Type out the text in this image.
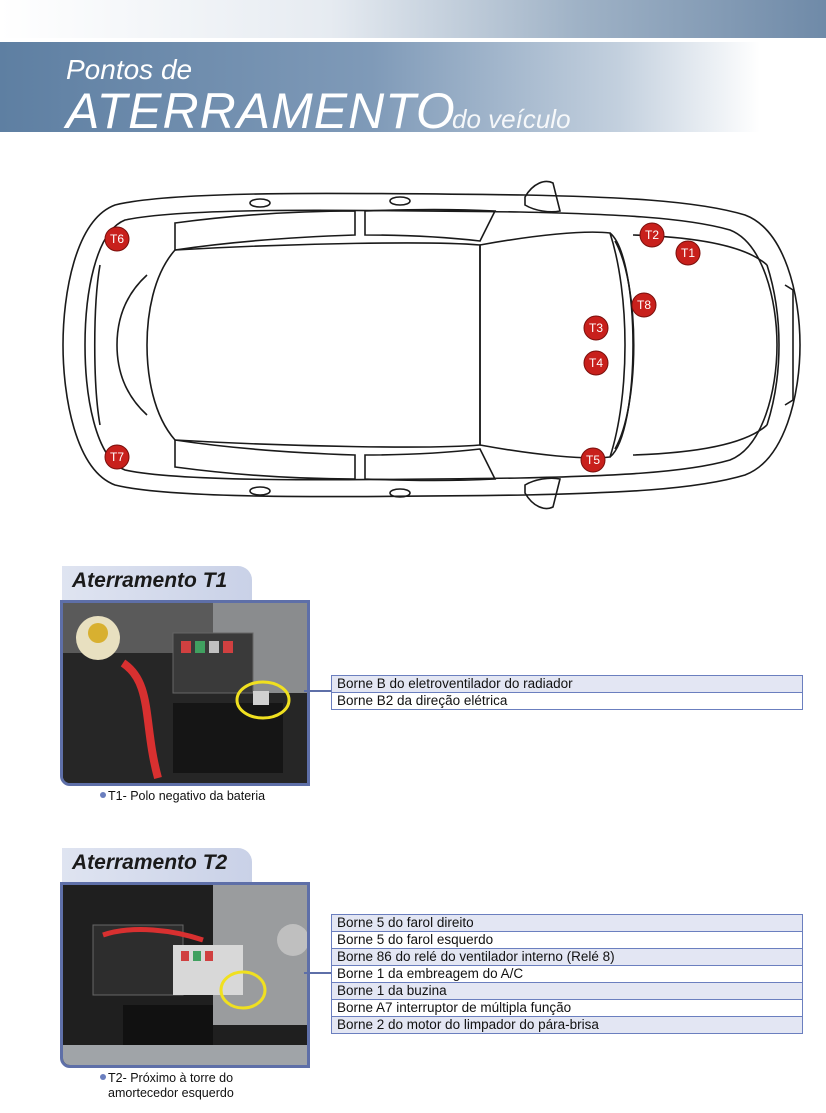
Pontos de
ATERRAMENTO
do veículo
T6	T2
T1
T8
T3
T4
T7	T5
Aterramento T1
T1- Polo negativo da bateria
Borne B do eletroventilador do radiador
Borne B2 da direção elétrica
Aterramento T2
T2- Próximo à torre do
amortecedor esquerdo
Borne 5 do farol direito
Borne 5 do farol esquerdo
Borne 86 do relé do ventilador interno (Relé 8)
Borne 1 da embreagem do A/C
Borne 1 da buzina
Borne A7 interruptor de múltipla função
Borne 2 do motor do limpador do pára-brisa
